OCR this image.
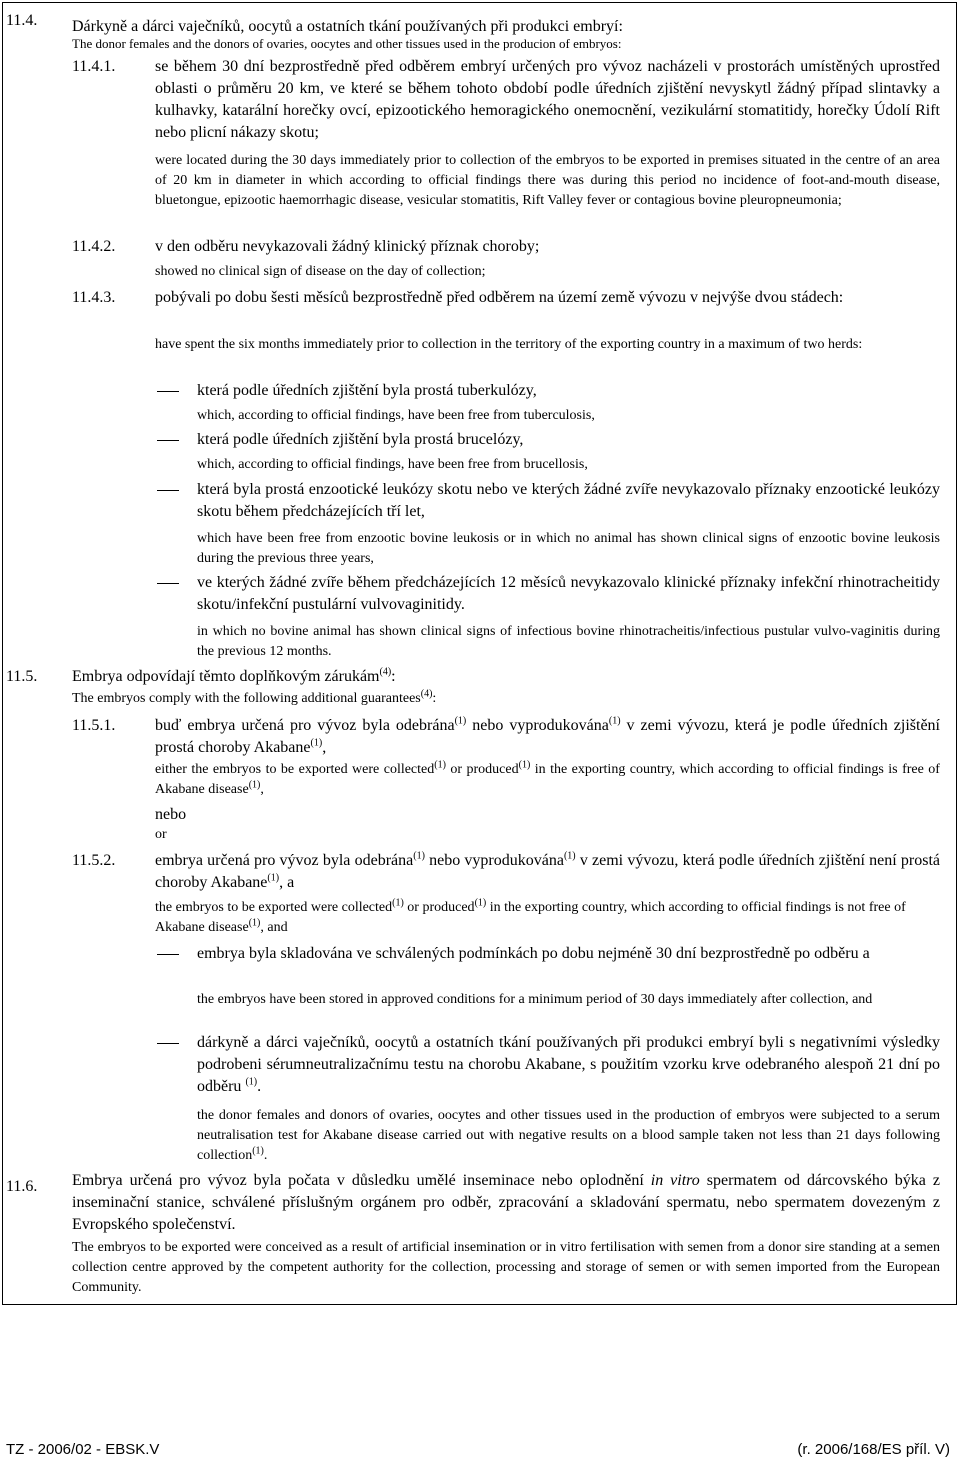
11.4. Dárkyně a dárci vaječníků, oocytů a ostatních tkání používaných při produkci embryí:
The donor females and the donors of ovaries, oocytes and other tissues used in the producion of embryos:
11.4.1. se během 30 dní bezprostředně před odběrem embryí určených pro vývoz nacházeli v prostorách umístěných uprostřed oblasti o průměru 20 km, ve které se během tohoto období podle úředních zjištění nevyskytl žádný případ slintavky a kulhavky, katarální horečky ovcí, epizootického hemoragického onemocnění, vezikulární stomatitidy, horečky Údolí Rift nebo plicní nákazy skotu;
were located during the 30 days immediately prior to collection of the embryos to be exported in premises situated in the centre of an area of 20 km in diameter in which according to official findings there was during this period no incidence of foot-and-mouth disease, bluetongue, epizootic haemorrhagic disease, vesicular stomatitis, Rift Valley fever or contagious bovine pleuropneumonia;
11.4.2. v den odběru nevykazovali žádný klinický příznak choroby;
showed no clinical sign of disease on the day of collection;
11.4.3. pobývali po dobu šesti měsíců bezprostředně před odběrem na území země vývozu v nejvýše dvou stádech:
have spent the six months immediately prior to collection in the territory of the exporting country in a maximum of two herds:
která podle úředních zjištění byla prostá tuberkulózy,
which, according to official findings, have been free from tuberculosis,
která podle úředních zjištění byla prostá brucelózy,
which, according to official findings, have been free from brucellosis,
která byla prostá enzootické leukózy skotu nebo ve kterých žádné zvíře nevykazovalo příznaky enzootické leukózy skotu během předcházejících tří let,
which have been free from enzootic bovine leukosis or in which no animal has shown clinical signs of enzootic bovine leukosis during the previous three years,
ve kterých žádné zvíře během předcházejících 12 měsíců nevykazovalo klinické příznaky infekční rhinotracheitidy skotu/infekční pustulární vulvovaginitidy.
in which no bovine animal has shown clinical signs of infectious bovine rhinotracheitis/infectious pustular vulvo-vaginitis during the previous 12 months.
11.5. Embrya odpovídají těmto doplňkovým zárukám$^{(4)}$:
The embryos comply with the following additional guarantees$^{(4)}$:
11.5.1. buď embrya určená pro vývoz byla odebrána$^{(1)}$ nebo vyprodukována$^{(1)}$ v zemi vývozu, která je podle úředních zjištění prostá choroby Akabane$^{(1)}$,
either the embryos to be exported were collected$^{(1)}$ or produced$^{(1)}$ in the exporting country, which according to official findings is free of Akabane disease$^{(1)}$,
nebo
or
11.5.2. embrya určená pro vývoz byla odebrána$^{(1)}$ nebo vyprodukována$^{(1)}$ v zemi vývozu, která podle úředních zjištění není prostá choroby Akabane$^{(1)}$, a
the embryos to be exported were collected$^{(1)}$ or produced$^{(1)}$ in the exporting country, which according to official findings is not free of Akabane disease$^{(1)}$, and
embrya byla skladována ve schválených podmínkách po dobu nejméně 30 dní bezprostředně po odběru a
the embryos have been stored in approved conditions for a minimum period of 30 days immediately after collection, and
dárkyně a dárci vaječníků, oocytů a ostatních tkání používaných při produkci embryí byli s negativními výsledky podrobeni sérumneutralizačnímu testu na chorobu Akabane, s použitím vzorku krve odebraného alespoň 21 dní po odběru $^{(1)}$.
the donor females and donors of ovaries, oocytes and other tissues used in the production of embryos were subjected to a serum neutralisation test for Akabane disease carried out with negative results on a blood sample taken not less than 21 days following collection$^{(1)}$.
11.6. Embrya určená pro vývoz byla počata v důsledku umělé inseminace nebo oplodnění in vitro spermatem od dárcovského býka z inseminační stanice, schválené příslušným orgánem pro odběr, zpracování a skladování spermatu, nebo spermatem dovezeným z Evropského společenství.
The embryos to be exported were conceived as a result of artificial insemination or in vitro fertilisation with semen from a donor sire standing at a semen collection centre approved by the competent authority for the collection, processing and storage of semen or with semen imported from the European Community.
TZ - 2006/02 - EBSK.V	(r. 2006/168/ES příl. V)
